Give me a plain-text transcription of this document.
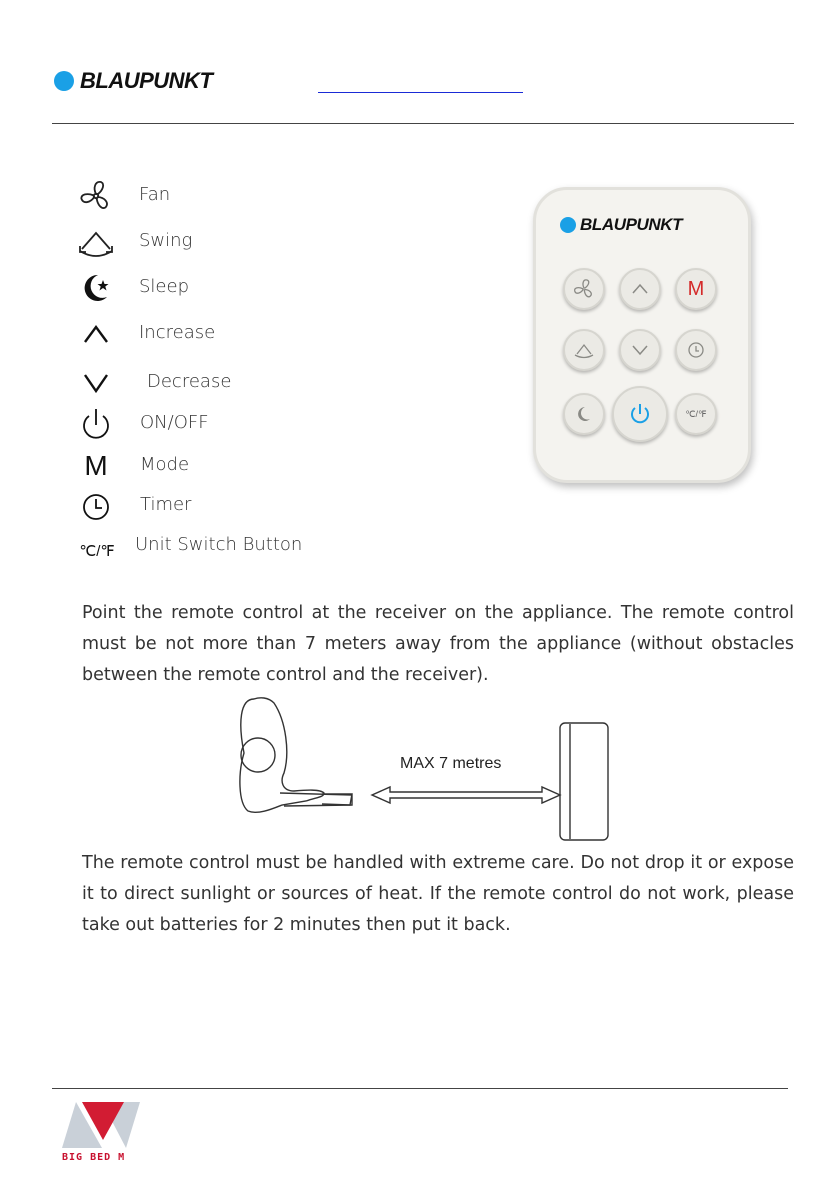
BLAUPUNKT
Fan
Swing
Sleep
Increase
Decrease
ON/OFF
M Mode
Timer
℃/℉ Unit Switch Button
BLAUPUNKT
M
℃/℉
Point the remote control at the receiver on the appliance. The remote control must be not more than 7 meters away from the appliance (without obstacles between the remote control and the receiver).
MAX 7 metres
The remote control must be handled with extreme care. Do not drop it or expose it to direct sunlight or sources of heat. If the remote control do not work, please take out batteries for 2 minutes then put it back.
BIG BED M
